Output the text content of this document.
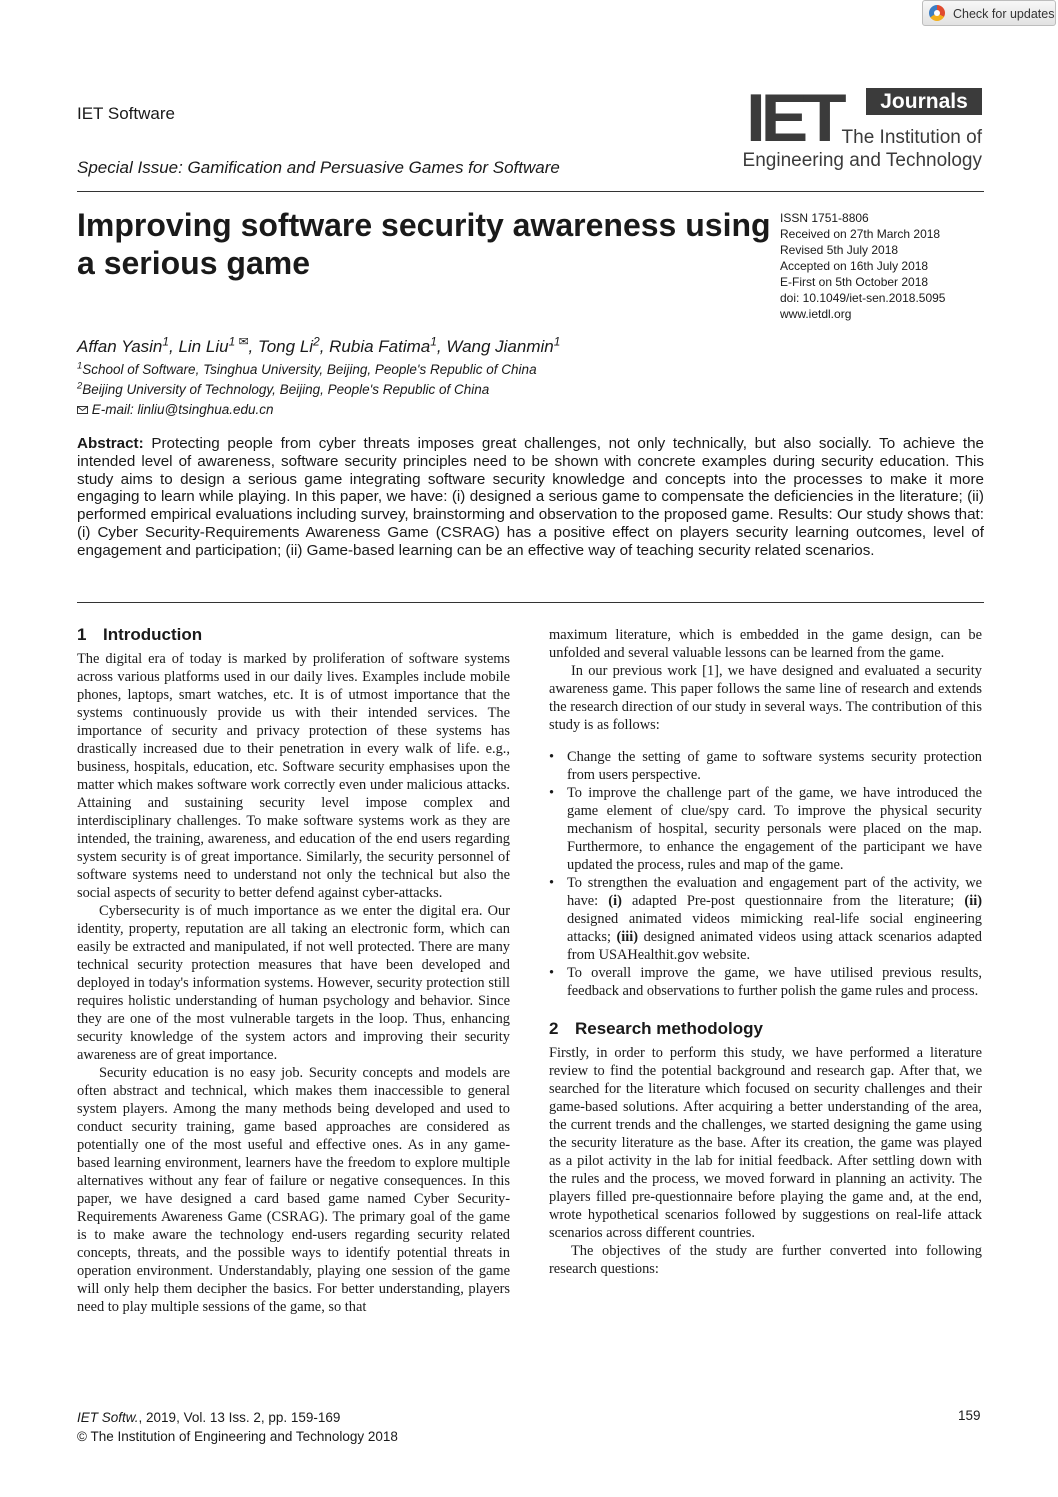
Check for updates
IET Software
Special Issue: Gamification and Persuasive Games for Software
IET	Journals
The Institution of
Engineering and Technology
Improving software security awareness using a serious game
ISSN 1751-8806
Received on 27th March 2018
Revised 5th July 2018
Accepted on 16th July 2018
E-First on 5th October 2018
doi: 10.1049/iet-sen.2018.5095
www.ietdl.org
Affan Yasin$^1$, Lin Liu$^{1 ✉}$, Tong Li$^2$, Rubia Fatima$^1$, Wang Jianmin$^1$
$^1$School of Software, Tsinghua University, Beijing, People's Republic of China
$^2$Beijing University of Technology, Beijing, People's Republic of China
E-mail: linliu@tsinghua.edu.cn
Abstract: Protecting people from cyber threats imposes great challenges, not only technically, but also socially. To achieve the intended level of awareness, software security principles need to be shown with concrete examples during security education. This study aims to design a serious game integrating software security knowledge and concepts into the processes to make it more engaging to learn while playing. In this paper, we have: (i) designed a serious game to compensate the deficiencies in the literature; (ii) performed empirical evaluations including survey, brainstorming and observation to the proposed game. Results: Our study shows that: (i) Cyber Security-Requirements Awareness Game (CSRAG) has a positive effect on players security learning outcomes, level of engagement and participation; (ii) Game-based learning can be an effective way of teaching security related scenarios.
1 Introduction

The digital era of today is marked by proliferation of software systems across various platforms used in our daily lives. Examples include mobile phones, laptops, smart watches, etc. It is of utmost importance that the systems continuously provide us with their intended services. The importance of security and privacy protection of these systems has drastically increased due to their penetration in every walk of life. e.g., business, hospitals, education, etc. Software security emphasises upon the matter which makes software work correctly even under malicious attacks. Attaining and sustaining security level impose complex and interdisciplinary challenges. To make software systems work as they are intended, the training, awareness, and education of the end users regarding system security is of great importance. Similarly, the security personnel of software systems need to understand not only the technical but also the social aspects of security to better defend against cyber-attacks.

Cybersecurity is of much importance as we enter the digital era. Our identity, property, reputation are all taking an electronic form, which can easily be extracted and manipulated, if not well protected. There are many technical security protection measures that have been developed and deployed in today's information systems. However, security protection still requires holistic understanding of human psychology and behavior. Since they are one of the most vulnerable targets in the loop. Thus, enhancing security knowledge of the system actors and improving their security awareness are of great importance.

Security education is no easy job. Security concepts and models are often abstract and technical, which makes them inaccessible to general system players. Among the many methods being developed and used to conduct security training, game based approaches are considered as potentially one of the most useful and effective ones. As in any game-based learning environment, learners have the freedom to explore multiple alternatives without any fear of failure or negative consequences. In this paper, we have designed a card based game named Cyber Security-Requirements Awareness Game (CSRAG). The primary goal of the game is to make aware the technology end-users regarding security related concepts, threats, and the possible ways to identify potential threats in operation environment. Understandably, playing one session of the game will only help them decipher the basics. For better understanding, players need to play multiple sessions of the game, so that

maximum literature, which is embedded in the game design, can be unfolded and several valuable lessons can be learned from the game.

In our previous work [1], we have designed and evaluated a security awareness game. This paper follows the same line of research and extends the research direction of our study in several ways. The contribution of this study is as follows:

• Change the setting of game to software systems security protection from users perspective.
• To improve the challenge part of the game, we have introduced the game element of clue/spy card. To improve the physical security mechanism of hospital, security personals were placed on the map. Furthermore, to enhance the engagement of the participant we have updated the process, rules and map of the game.
• To strengthen the evaluation and engagement part of the activity, we have: (i) adapted Pre-post questionnaire from the literature; (ii) designed animated videos mimicking real-life social engineering attacks; (iii) designed animated videos using attack scenarios adapted from USAHealthit.gov website.
• To overall improve the game, we have utilised previous results, feedback and observations to further polish the game rules and process.
2 Research methodology

Firstly, in order to perform this study, we have performed a literature review to find the potential background and research gap. After that, we searched for the literature which focused on security challenges and their game-based solutions. After acquiring a better understanding of the area, the current trends and the challenges, we started designing the game using the security literature as the base. After its creation, the game was played as a pilot activity in the lab for initial feedback. After settling down with the rules and the process, we moved forward in planning an activity. The players filled pre-questionnaire before playing the game and, at the end, wrote hypothetical scenarios followed by suggestions on real-life attack scenarios across different countries.

The objectives of the study are further converted into following research questions:

IET Softw., 2019, Vol. 13 Iss. 2, pp. 159-169
© The Institution of Engineering and Technology 2018
159
